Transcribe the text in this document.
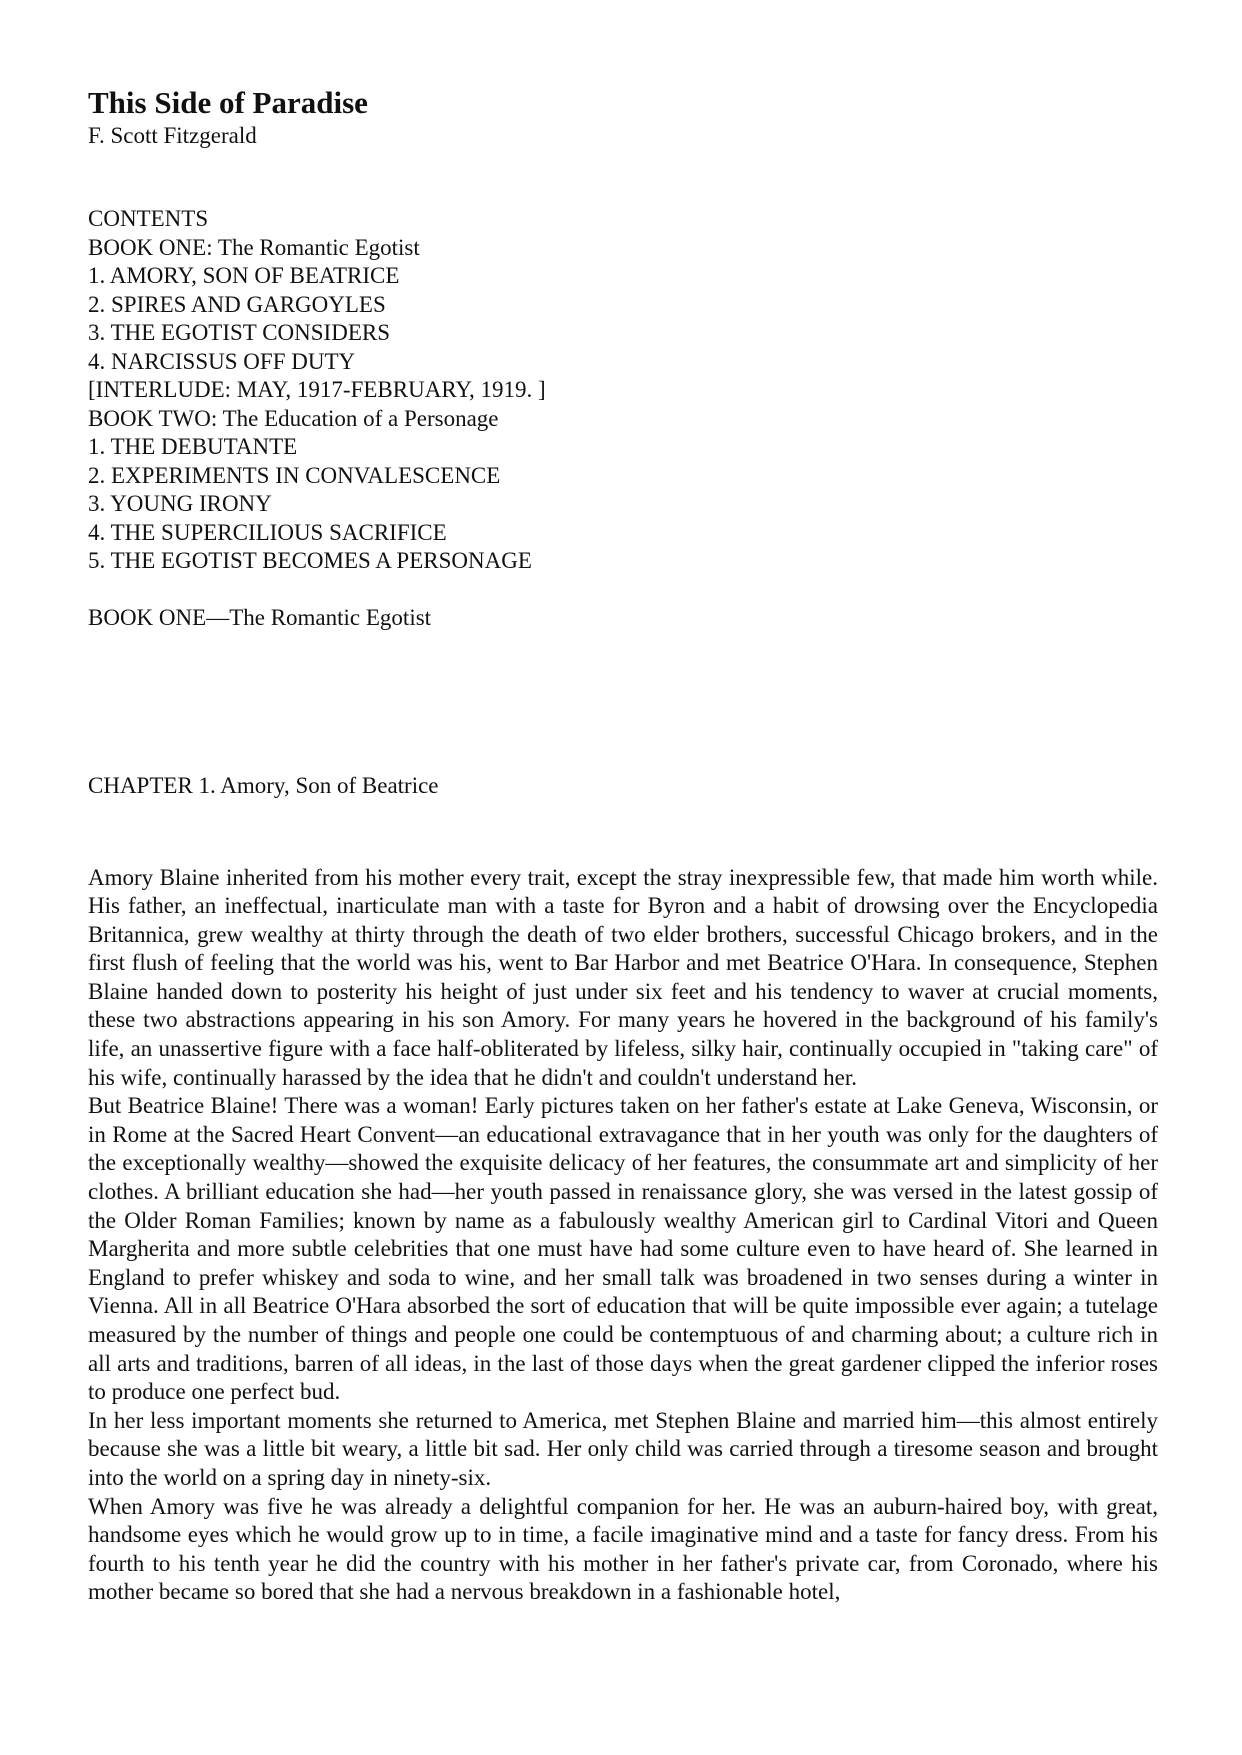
This Side of Paradise
F. Scott Fitzgerald
CONTENTS
BOOK ONE: The Romantic Egotist
1. AMORY, SON OF BEATRICE
2. SPIRES AND GARGOYLES
3. THE EGOTIST CONSIDERS
4. NARCISSUS OFF DUTY
[INTERLUDE: MAY, 1917-FEBRUARY, 1919. ]
BOOK TWO: The Education of a Personage
1. THE DEBUTANTE
2. EXPERIMENTS IN CONVALESCENCE
3. YOUNG IRONY
4. THE SUPERCILIOUS SACRIFICE
5. THE EGOTIST BECOMES A PERSONAGE
BOOK ONE—The Romantic Egotist
CHAPTER 1. Amory, Son of Beatrice

Amory Blaine inherited from his mother every trait, except the stray inexpressible few, that made him worth while. His father, an ineffectual, inarticulate man with a taste for Byron and a habit of drowsing over the Encyclopedia Britannica, grew wealthy at thirty through the death of two elder brothers, successful Chicago brokers, and in the first flush of feeling that the world was his, went to Bar Harbor and met Beatrice O'Hara. In consequence, Stephen Blaine handed down to posterity his height of just under six feet and his tendency to waver at crucial moments, these two abstractions appearing in his son Amory. For many years he hovered in the background of his family's life, an unassertive figure with a face half-obliterated by lifeless, silky hair, continually occupied in "taking care" of his wife, continually harassed by the idea that he didn't and couldn't understand her.

But Beatrice Blaine! There was a woman! Early pictures taken on her father's estate at Lake Geneva, Wisconsin, or in Rome at the Sacred Heart Convent—an educational extravagance that in her youth was only for the daughters of the exceptionally wealthy—showed the exquisite delicacy of her features, the consummate art and simplicity of her clothes. A brilliant education she had—her youth passed in renaissance glory, she was versed in the latest gossip of the Older Roman Families; known by name as a fabulously wealthy American girl to Cardinal Vitori and Queen Margherita and more subtle celebrities that one must have had some culture even to have heard of. She learned in England to prefer whiskey and soda to wine, and her small talk was broadened in two senses during a winter in Vienna. All in all Beatrice O'Hara absorbed the sort of education that will be quite impossible ever again; a tutelage measured by the number of things and people one could be contemptuous of and charming about; a culture rich in all arts and traditions, barren of all ideas, in the last of those days when the great gardener clipped the inferior roses to produce one perfect bud.

In her less important moments she returned to America, met Stephen Blaine and married him—this almost entirely because she was a little bit weary, a little bit sad. Her only child was carried through a tiresome season and brought into the world on a spring day in ninety-six.

When Amory was five he was already a delightful companion for her. He was an auburn-haired boy, with great, handsome eyes which he would grow up to in time, a facile imaginative mind and a taste for fancy dress. From his fourth to his tenth year he did the country with his mother in her father's private car, from Coronado, where his mother became so bored that she had a nervous breakdown in a fashionable hotel,
